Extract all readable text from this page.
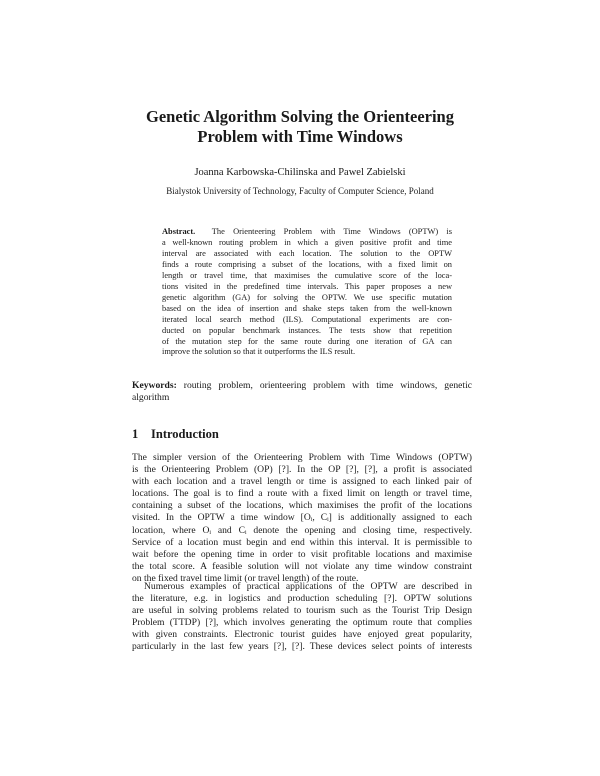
Genetic Algorithm Solving the Orienteering
Problem with Time Windows
Joanna Karbowska-Chilinska and Pawel Zabielski
Bialystok University of Technology, Faculty of Computer Science, Poland
Abstract. The Orienteering Problem with Time Windows (OPTW) is
a well-known routing problem in which a given positive profit and time
interval are associated with each location. The solution to the OPTW
finds a route comprising a subset of the locations, with a fixed limit on
length or travel time, that maximises the cumulative score of the loca-
tions visited in the predefined time intervals. This paper proposes a new
genetic algorithm (GA) for solving the OPTW. We use specific mutation
based on the idea of insertion and shake steps taken from the well-known
iterated local search method (ILS). Computational experiments are con-
ducted on popular benchmark instances. The tests show that repetition
of the mutation step for the same route during one iteration of GA can
improve the solution so that it outperforms the ILS result.
Keywords: routing problem, orienteering problem with time windows, genetic algorithm
1 Introduction
The simpler version of the Orienteering Problem with Time Windows (OPTW)
is the Orienteering Problem (OP) [?]. In the OP [?], [?], a profit is associated
with each location and a travel length or time is assigned to each linked pair of
locations. The goal is to find a route with a fixed limit on length or travel time,
containing a subset of the locations, which maximises the profit of the locations
visited. In the OPTW a time window [Oᵢ, Cᵢ] is additionally assigned to each
location, where Oᵢ and Cᵢ denote the opening and closing time, respectively.
Service of a location must begin and end within this interval. It is permissible to
wait before the opening time in order to visit profitable locations and maximise
the total score. A feasible solution will not violate any time window constraint
on the fixed travel time limit (or travel length) of the route.
Numerous examples of practical applications of the OPTW are described in
the literature, e.g. in logistics and production scheduling [?]. OPTW solutions
are useful in solving problems related to tourism such as the Tourist Trip Design
Problem (TTDP) [?], which involves generating the optimum route that complies
with given constraints. Electronic tourist guides have enjoyed great popularity,
particularly in the last few years [?], [?]. These devices select points of interests
